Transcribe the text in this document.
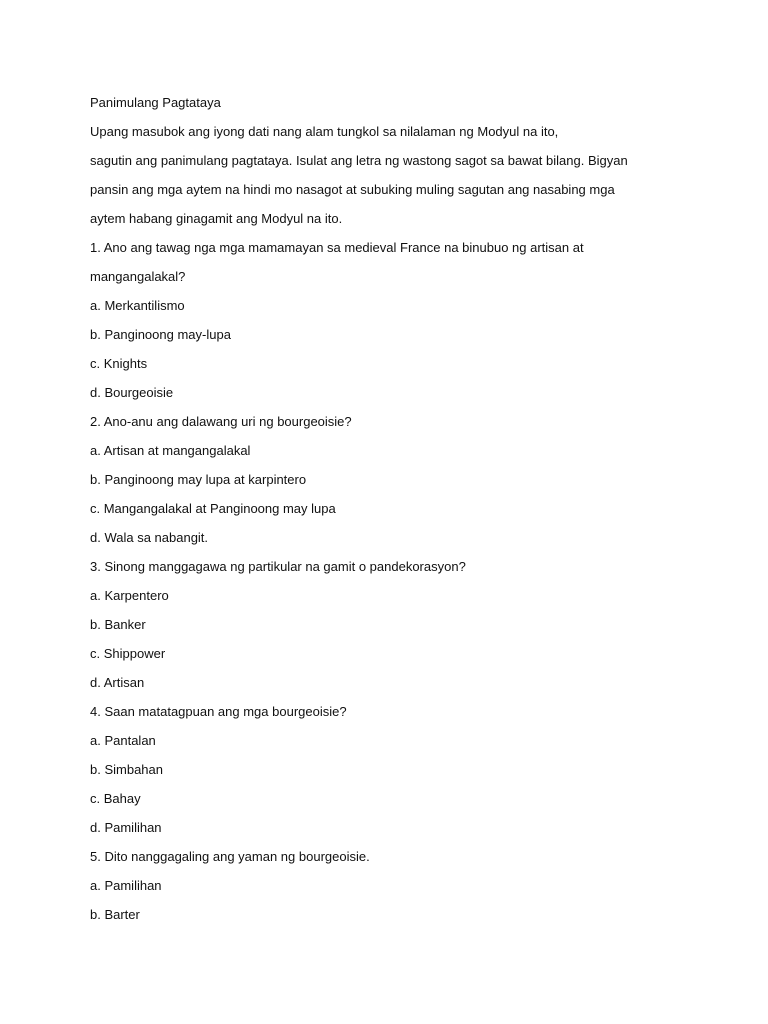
Panimulang Pagtataya
Upang masubok ang iyong dati nang alam tungkol sa nilalaman ng Modyul na ito,
sagutin ang panimulang pagtataya. Isulat ang letra ng wastong sagot sa bawat bilang. Bigyan
pansin ang mga aytem na hindi mo nasagot at subuking muling sagutan ang nasabing mga
aytem habang ginagamit ang Modyul na ito.
1. Ano ang tawag nga mga mamamayan sa medieval France na binubuo ng artisan at
mangangalakal?
a. Merkantilismo
b. Panginoong may-lupa
c. Knights
d. Bourgeoisie
2. Ano-anu ang dalawang uri ng bourgeoisie?
a. Artisan at mangangalakal
b. Panginoong may lupa at karpintero
c. Mangangalakal at Panginoong may lupa
d. Wala sa nabangit.
3. Sinong manggagawa ng partikular na gamit o pandekorasyon?
a. Karpentero
b. Banker
c. Shippower
d. Artisan
4. Saan matatagpuan ang mga bourgeoisie?
a. Pantalan
b. Simbahan
c. Bahay
d. Pamilihan
5. Dito nanggagaling ang yaman ng bourgeoisie.
a. Pamilihan
b. Barter
